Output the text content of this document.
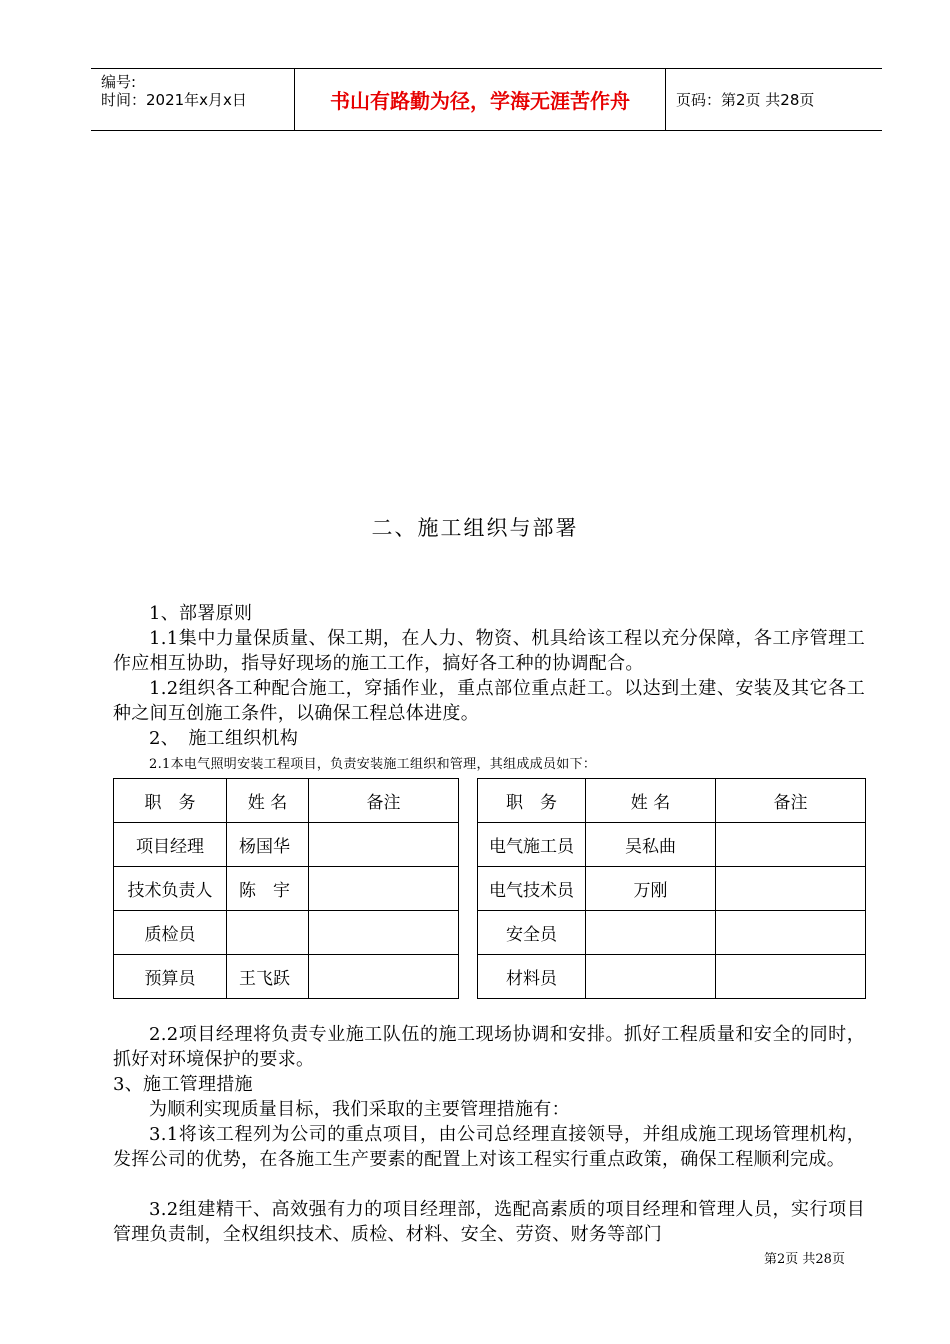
编号:
时间：2021年x月x日	书山有路勤为径，学海无涯苦作舟	页码：第2页 共28页
二、施工组织与部署
1、部署原则
1.1集中力量保质量、保工期，在人力、物资、机具给该工程以充分保障，各工序管理工作应相互协助，指导好现场的施工工作，搞好各工种的协调配合。
1.2组织各工种配合施工，穿插作业，重点部位重点赶工。以达到土建、安装及其它各工种之间互创施工条件，以确保工程总体进度。
2、　施工组织机构
2.1本电气照明安装工程项目，负责安装施工组织和管理，其组成成员如下：
职　务	姓 名	备注		职　务	姓 名	备注
项目经理	杨国华			电气施工员	吴私曲	
技术负责人	陈　宇			电气技术员	万刚	
质检员				安全员		
预算员	王飞跃			材料员		
2.2项目经理将负责专业施工队伍的施工现场协调和安排。抓好工程质量和安全的同时，抓好对环境保护的要求。
3、施工管理措施
为顺利实现质量目标，我们采取的主要管理措施有：
3.1将该工程列为公司的重点项目，由公司总经理直接领导，并组成施工现场管理机构，发挥公司的优势，在各施工生产要素的配置上对该工程实行重点政策，确保工程顺利完成。
3.2组建精干、高效强有力的项目经理部，选配高素质的项目经理和管理人员，实行项目管理负责制，全权组织技术、质检、材料、安全、劳资、财务等部门
第2页 共28页
